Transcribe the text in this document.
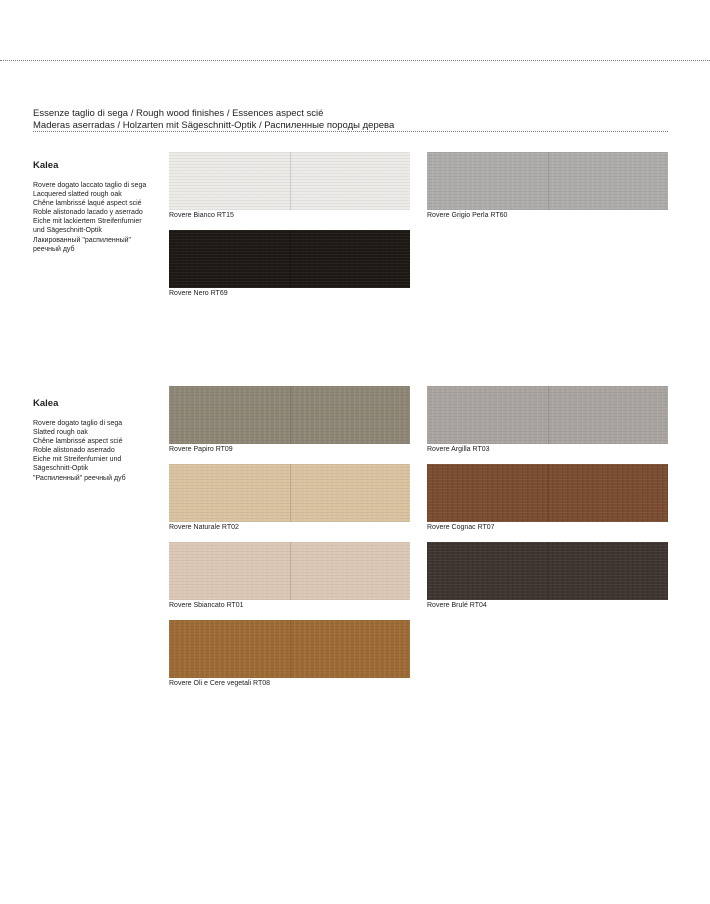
Essenze taglio di sega / Rough wood finishes / Essences aspect scié
Maderas aserradas / Holzarten mit Sägeschnitt-Optik / Распиленные породы дерева
Kalea
Rovere dogato laccato taglio di sega
Lacquered slatted rough oak
Chêne lambrissé laqué aspect scié
Roble alistonado lacado y aserrado
Eiche mit lackiertem Streifenfurnier
und Sägeschnitt-Optik
Лакированный "распиленный"
реечный дуб
Rovere Bianco RT15	Rovere Grigio Perla RT60
Rovere Nero RT69
Kalea
Rovere dogato taglio di sega
Slatted rough oak
Chêne lambrissé aspect scié
Roble alistonado aserrado
Eiche mit Streifenfurnier und
Sägeschnitt-Optik
"Распиленный" реечный дуб
Rovere Papiro RT09	Rovere Argilla RT03
Rovere Naturale RT02	Rovere Cognac RT07
Rovere Sbiancato RT01	Rovere Brulé RT04
Rovere Oli e Cere vegetali RT08
